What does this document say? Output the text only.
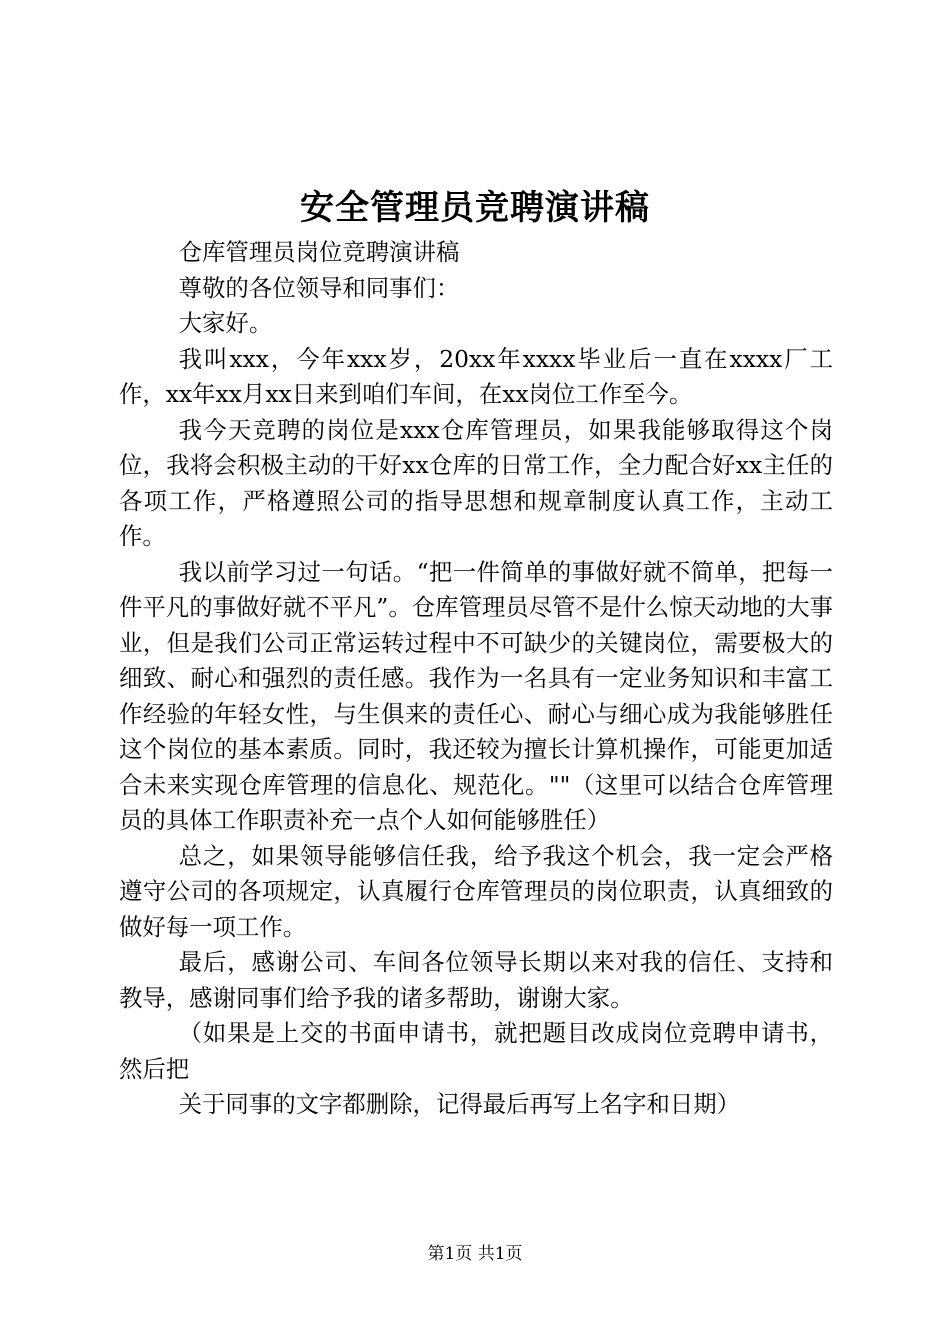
安全管理员竞聘演讲稿

仓库管理员岗位竞聘演讲稿

尊敬的各位领导和同事们：

大家好。

我叫xxx，今年xxx岁，20xx年xxxx毕业后一直在xxxx厂工作，xx年xx月xx日来到咱们车间，在xx岗位工作至今。

我今天竞聘的岗位是xxx仓库管理员，如果我能够取得这个岗位，我将会积极主动的干好xx仓库的日常工作，全力配合好xx主任的各项工作，严格遵照公司的指导思想和规章制度认真工作，主动工作。

我以前学习过一句话。“把一件简单的事做好就不简单，把每一件平凡的事做好就不平凡”。仓库管理员尽管不是什么惊天动地的大事业，但是我们公司正常运转过程中不可缺少的关键岗位，需要极大的细致、耐心和强烈的责任感。我作为一名具有一定业务知识和丰富工作经验的年轻女性，与生俱来的责任心、耐心与细心成为我能够胜任这个岗位的基本素质。同时，我还较为擅长计算机操作，可能更加适合未来实现仓库管理的信息化、规范化。""（这里可以结合仓库管理员的具体工作职责补充一点个人如何能够胜任）

总之，如果领导能够信任我，给予我这个机会，我一定会严格遵守公司的各项规定，认真履行仓库管理员的岗位职责，认真细致的做好每一项工作。

最后，感谢公司、车间各位领导长期以来对我的信任、支持和教导，感谢同事们给予我的诸多帮助，谢谢大家。

（如果是上交的书面申请书，就把题目改成岗位竞聘申请书，然后把

关于同事的文字都删除，记得最后再写上名字和日期）

第1页 共1页
